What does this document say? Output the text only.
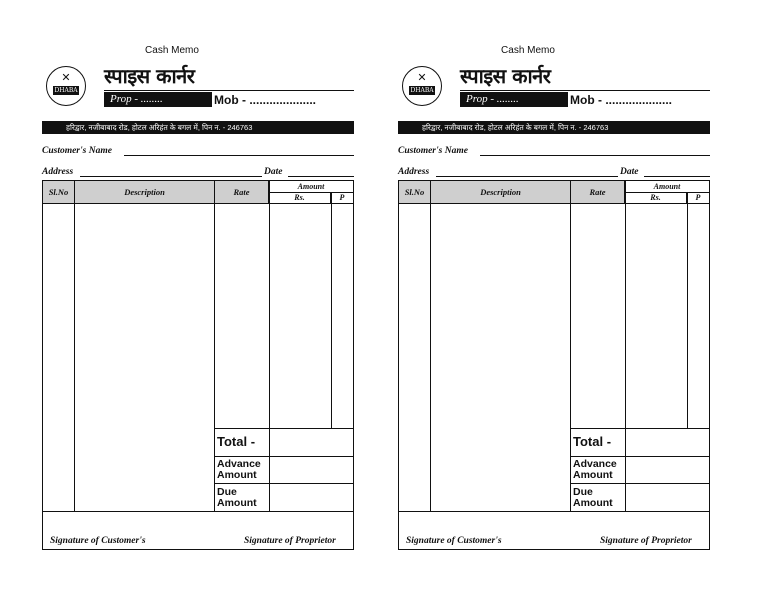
Cash Memo
✕
DHABA
स्पाइस कार्नर
Prop - ........	Mob - ....................
हरिद्वार, नजीबाबाद रोड, होटल अरिहंत के बगल में, पिन न. - 246763
Customer's Name
Address	Date
Sl.No	Description	Rate
Amount
Rs.	P
Total -
Advance Amount
Due Amount
Signature of Customer's	Signature of Proprietor
Cash Memo
✕
DHABA
स्पाइस कार्नर
Prop - ........	Mob - ....................
हरिद्वार, नजीबाबाद रोड, होटल अरिहंत के बगल में, पिन न. - 246763
Customer's Name
Address	Date
Sl.No	Description	Rate
Amount
Rs.	P
Total -
Advance Amount
Due Amount
Signature of Customer's	Signature of Proprietor
